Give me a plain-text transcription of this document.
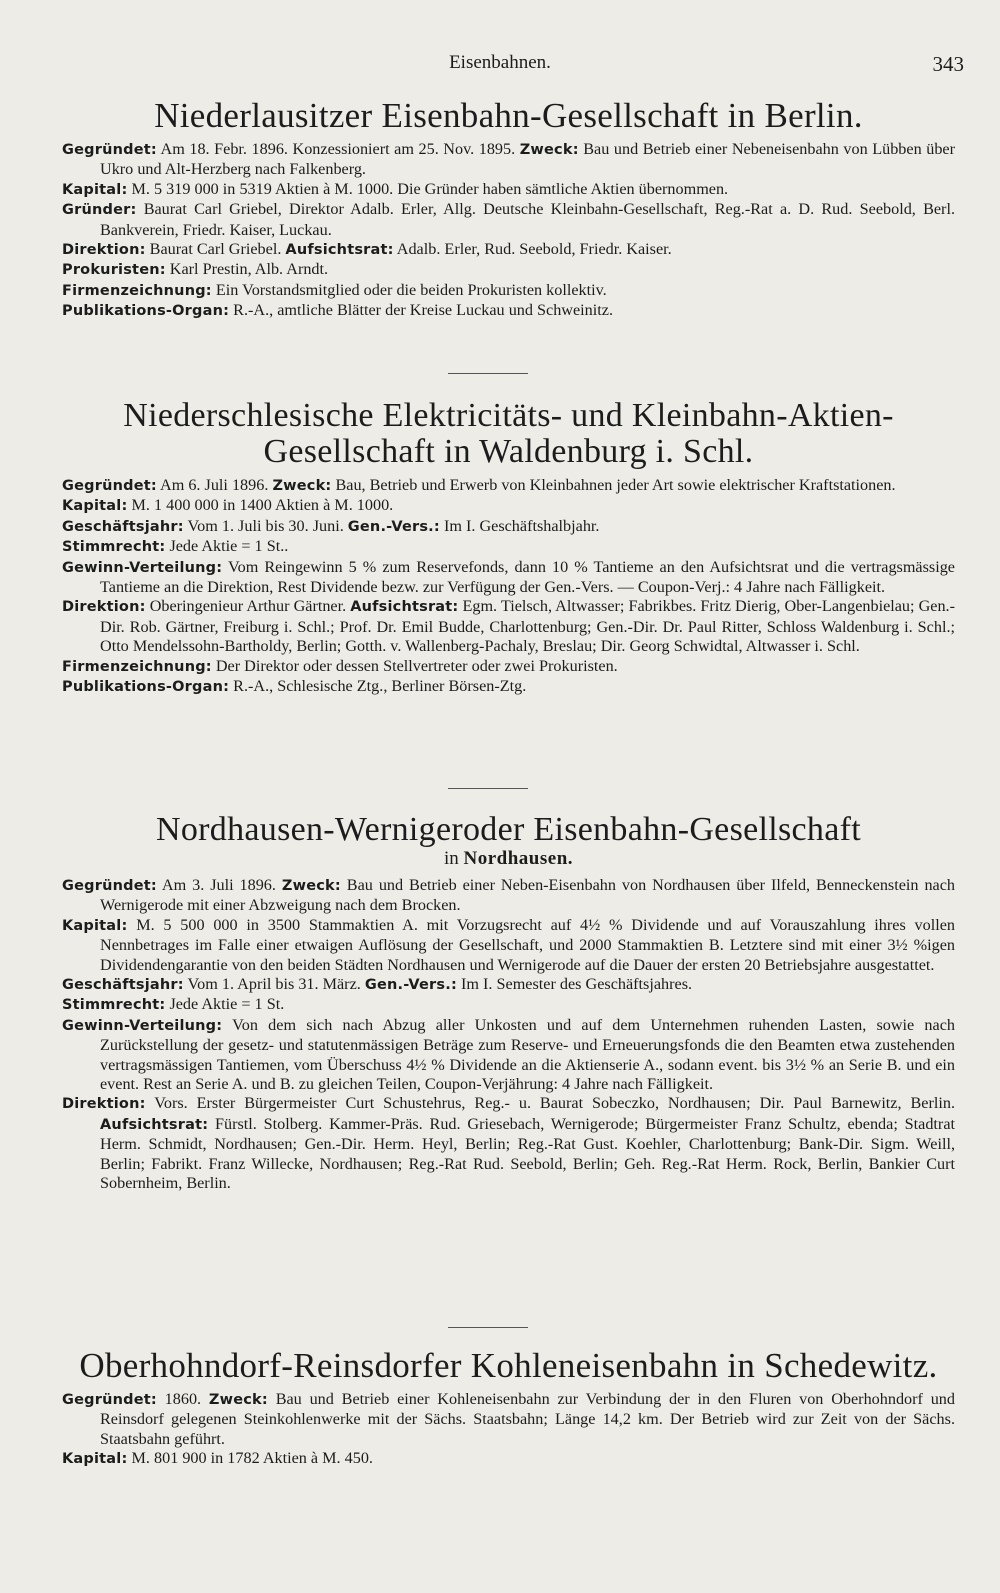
Eisenbahnen.	343
Niederlausitzer Eisenbahn-Gesellschaft in Berlin.

Gegründet: Am 18. Febr. 1896. Konzessioniert am 25. Nov. 1895. Zweck: Bau und Betrieb einer Nebeneisenbahn von Lübben über Ukro und Alt-Herzberg nach Falkenberg.

Kapital: M. 5 319 000 in 5319 Aktien à M. 1000. Die Gründer haben sämtliche Aktien übernommen.

Gründer: Baurat Carl Griebel, Direktor Adalb. Erler, Allg. Deutsche Kleinbahn-Gesellschaft, Reg.-Rat a. D. Rud. Seebold, Berl. Bankverein, Friedr. Kaiser, Luckau.

Direktion: Baurat Carl Griebel. Aufsichtsrat: Adalb. Erler, Rud. Seebold, Friedr. Kaiser.

Prokuristen: Karl Prestin, Alb. Arndt.

Firmenzeichnung: Ein Vorstandsmitglied oder die beiden Prokuristen kollektiv.

Publikations-Organ: R.-A., amtliche Blätter der Kreise Luckau und Schweinitz.

Niederschlesische Elektricitäts- und Kleinbahn-Aktien-
Gesellschaft in Waldenburg i. Schl.

Gegründet: Am 6. Juli 1896. Zweck: Bau, Betrieb und Erwerb von Kleinbahnen jeder Art sowie elektrischer Kraftstationen.

Kapital: M. 1 400 000 in 1400 Aktien à M. 1000.

Geschäftsjahr: Vom 1. Juli bis 30. Juni. Gen.-Vers.: Im I. Geschäftshalbjahr.

Stimmrecht: Jede Aktie = 1 St..

Gewinn-Verteilung: Vom Reingewinn 5 % zum Reservefonds, dann 10 % Tantieme an den Aufsichtsrat und die vertragsmässige Tantieme an die Direktion, Rest Dividende bezw. zur Verfügung der Gen.-Vers. — Coupon-Verj.: 4 Jahre nach Fälligkeit.

Direktion: Oberingenieur Arthur Gärtner. Aufsichtsrat: Egm. Tielsch, Altwasser; Fabrikbes. Fritz Dierig, Ober-Langenbielau; Gen.-Dir. Rob. Gärtner, Freiburg i. Schl.; Prof. Dr. Emil Budde, Charlottenburg; Gen.-Dir. Dr. Paul Ritter, Schloss Waldenburg i. Schl.; Otto Mendelssohn-Bartholdy, Berlin; Gotth. v. Wallenberg-Pachaly, Breslau; Dir. Georg Schwidtal, Altwasser i. Schl.

Firmenzeichnung: Der Direktor oder dessen Stellvertreter oder zwei Prokuristen.

Publikations-Organ: R.-A., Schlesische Ztg., Berliner Börsen-Ztg.

Nordhausen-Wernigeroder Eisenbahn-Gesellschaft
in Nordhausen.

Gegründet: Am 3. Juli 1896. Zweck: Bau und Betrieb einer Neben-Eisenbahn von Nordhausen über Ilfeld, Benneckenstein nach Wernigerode mit einer Abzweigung nach dem Brocken.

Kapital: M. 5 500 000 in 3500 Stammaktien A. mit Vorzugsrecht auf 4½ % Dividende und auf Vorauszahlung ihres vollen Nennbetrages im Falle einer etwaigen Auflösung der Gesellschaft, und 2000 Stammaktien B. Letztere sind mit einer 3½ %igen Dividendengarantie von den beiden Städten Nordhausen und Wernigerode auf die Dauer der ersten 20 Betriebsjahre ausgestattet.

Geschäftsjahr: Vom 1. April bis 31. März. Gen.-Vers.: Im I. Semester des Geschäftsjahres.

Stimmrecht: Jede Aktie = 1 St.

Gewinn-Verteilung: Von dem sich nach Abzug aller Unkosten und auf dem Unternehmen ruhenden Lasten, sowie nach Zurückstellung der gesetz- und statutenmässigen Beträge zum Reserve- und Erneuerungsfonds die den Beamten etwa zustehenden vertragsmässigen Tantiemen, vom Überschuss 4½ % Dividende an die Aktienserie A., sodann event. bis 3½ % an Serie B. und ein event. Rest an Serie A. und B. zu gleichen Teilen, Coupon-Verjährung: 4 Jahre nach Fälligkeit.

Direktion: Vors. Erster Bürgermeister Curt Schustehrus, Reg.- u. Baurat Sobeczko, Nordhausen; Dir. Paul Barnewitz, Berlin. Aufsichtsrat: Fürstl. Stolberg. Kammer-Präs. Rud. Griesebach, Wernigerode; Bürgermeister Franz Schultz, ebenda; Stadtrat Herm. Schmidt, Nordhausen; Gen.-Dir. Herm. Heyl, Berlin; Reg.-Rat Gust. Koehler, Charlottenburg; Bank-Dir. Sigm. Weill, Berlin; Fabrikt. Franz Willecke, Nordhausen; Reg.-Rat Rud. Seebold, Berlin; Geh. Reg.-Rat Herm. Rock, Berlin, Bankier Curt Sobernheim, Berlin.

Oberhohndorf-Reinsdorfer Kohleneisenbahn in Schedewitz.

Gegründet: 1860. Zweck: Bau und Betrieb einer Kohleneisenbahn zur Verbindung der in den Fluren von Oberhohndorf und Reinsdorf gelegenen Steinkohlenwerke mit der Sächs. Staatsbahn; Länge 14,2 km. Der Betrieb wird zur Zeit von der Sächs. Staatsbahn geführt.

Kapital: M. 801 900 in 1782 Aktien à M. 450.
